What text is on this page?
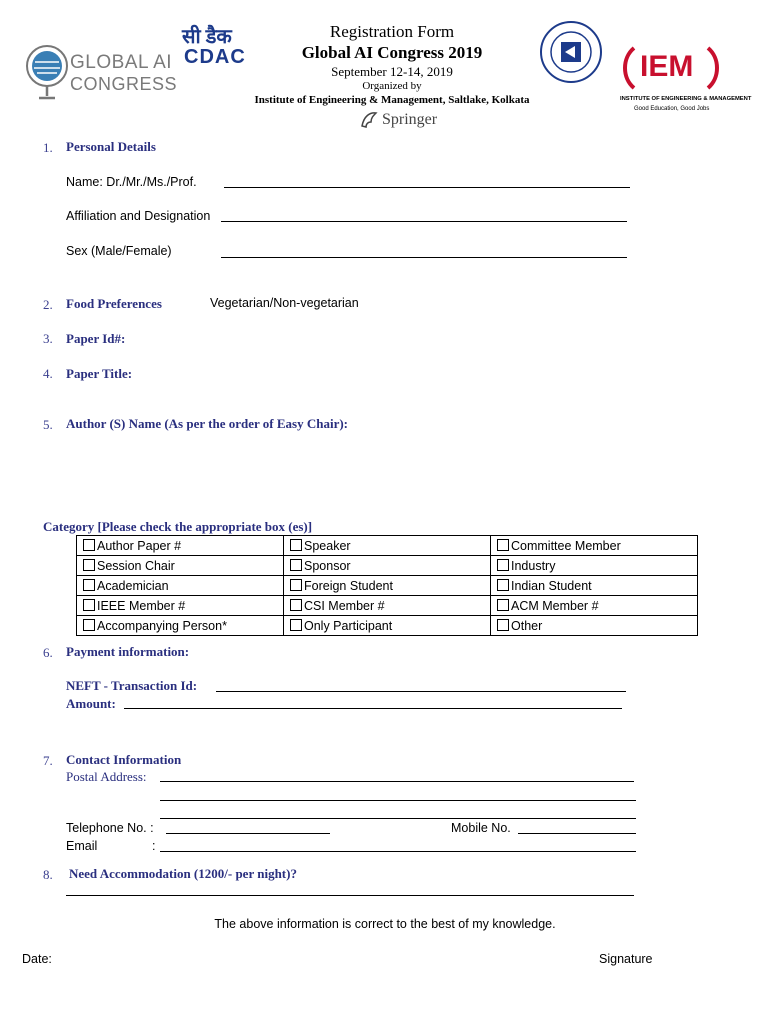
GLOBAL AI
CONGRESS
सी डैक
CDAC
Registration Form
Global AI Congress 2019
September 12-14, 2019
Organized by
Institute of Engineering & Management, Saltlake, Kolkata
Springer
IEM
INSTITUTE OF ENGINEERING & MANAGEMENT
Good Education, Good Jobs
1. Personal Details
Name: Dr./Mr./Ms./Prof.
Affiliation and Designation
Sex (Male/Female)
2. Food Preferences	Vegetarian/Non-vegetarian
3. Paper Id#:
4. Paper Title:
5. Author (S) Name (As per the order of Easy Chair):
Category [Please check the appropriate box (es)]
Author Paper #	Speaker	Committee Member
Session Chair	Sponsor	Industry
Academician	Foreign Student	Indian Student
IEEE Member #	CSI Member #	ACM Member #
Accompanying Person*	Only Participant	Other
6. Payment information:
NEFT - Transaction Id:
Amount:
7. Contact Information
Postal Address:
Telephone No. :	Mobile No.
Email	:
8. Need Accommodation (1200/- per night)?
The above information is correct to the best of my knowledge.
Date:	Signature
